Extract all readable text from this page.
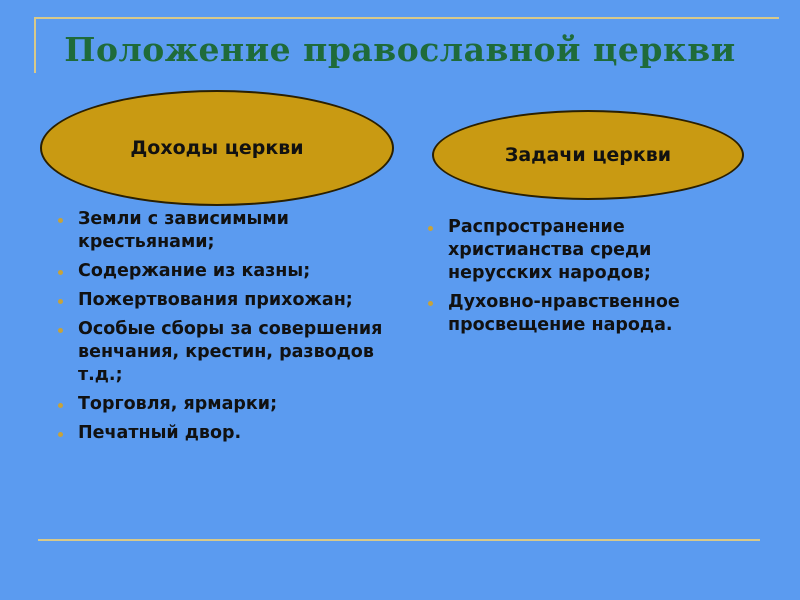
Положение православной церкви
Доходы церкви	Задачи церкви
Земли с зависимыми крестьянами;
Содержание из казны;
Пожертвования прихожан;
Особые сборы за совершения венчания, крестин, разводов т.д.;
Торговля, ярмарки;
Печатный двор.
Распространение христианства среди нерусских народов;
Духовно-нравственное просвещение народа.
